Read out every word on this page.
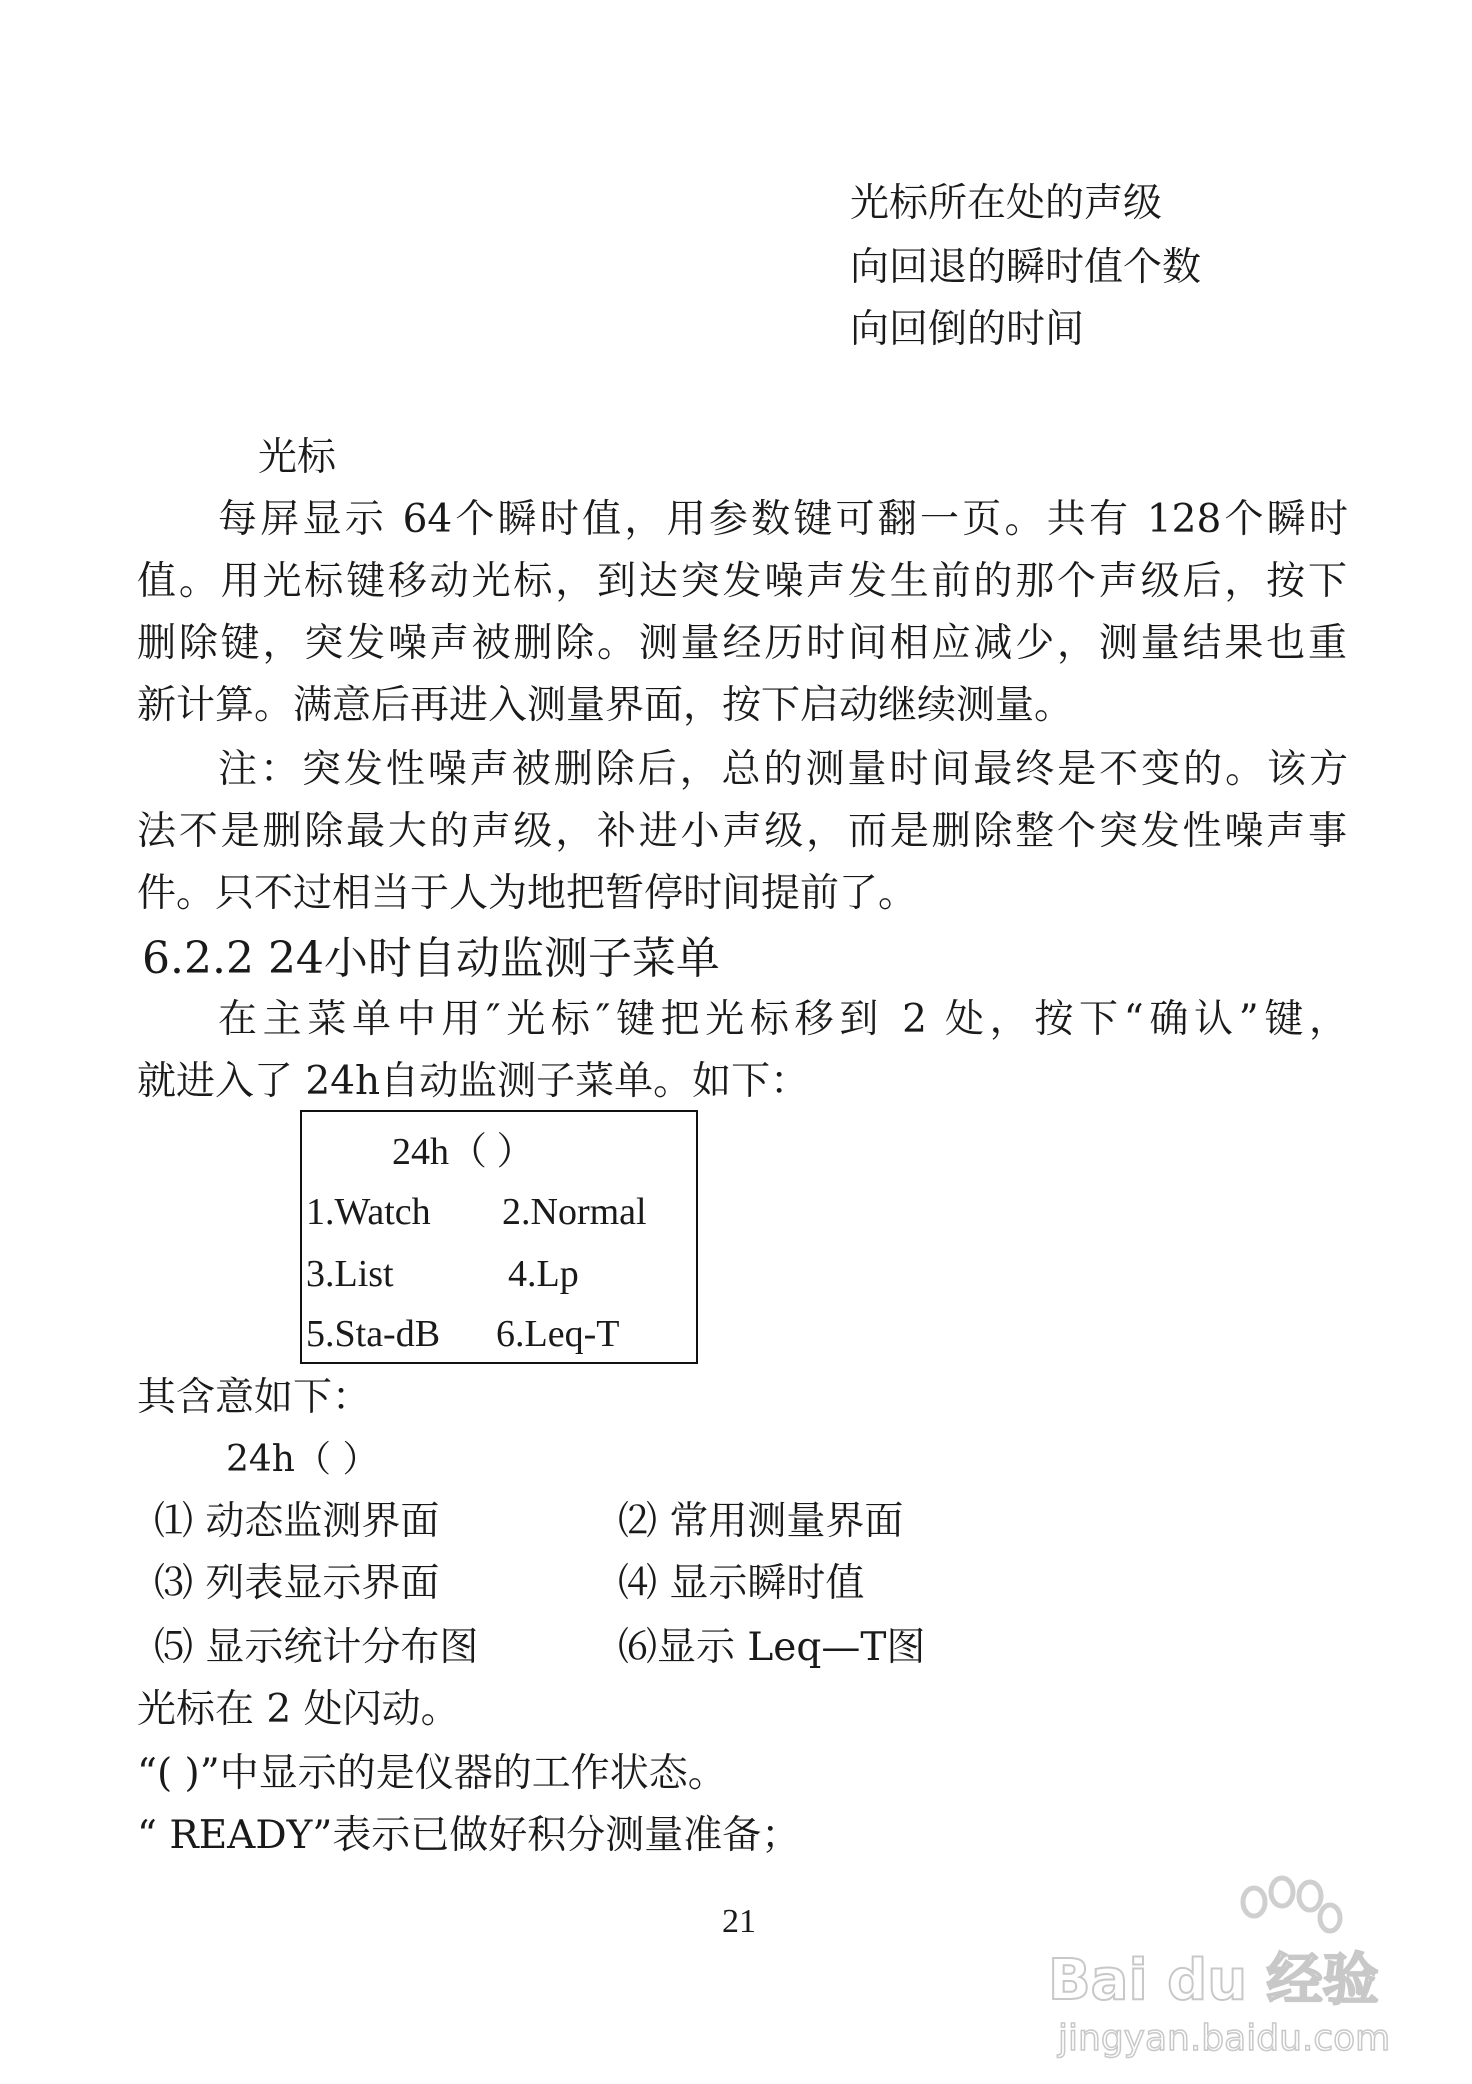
光标所在处的声级
向回退的瞬时值个数
向回倒的时间
光标
每屏显示 64个瞬时值，用参数键可翻一页。共有 128个瞬时
值。用光标键移动光标，到达突发噪声发生前的那个声级后，按下
删除键，突发噪声被删除。测量经历时间相应减少，测量结果也重
新计算。满意后再进入测量界面，按下启动继续测量。
注：突发性噪声被删除后，总的测量时间最终是不变的。该方
法不是删除最大的声级，补进小声级，而是删除整个突发性噪声事
件。只不过相当于人为地把暂停时间提前了。
6.2.2 24小时自动监测子菜单
在主菜单中用″光标″键把光标移到 2 处，按下“确认”键，
就进入了 24h自动监测子菜单。如下：
24h（ ）
1.Watch 2.Normal
3.List	4.Lp
5.Sta-dB 6.Leq-T
其含意如下：
24h（ ）
⑴ 动态监测界面	⑵ 常用测量界面
⑶ 列表显示界面	⑷ 显示瞬时值
⑸ 显示统计分布图	⑹显示 Leq—T图
光标在 2 处闪动。
“( )”中显示的是仪器的工作状态。
“ READY”表示已做好积分测量准备；
21
Bai du 经验
jingyan.baidu.com
